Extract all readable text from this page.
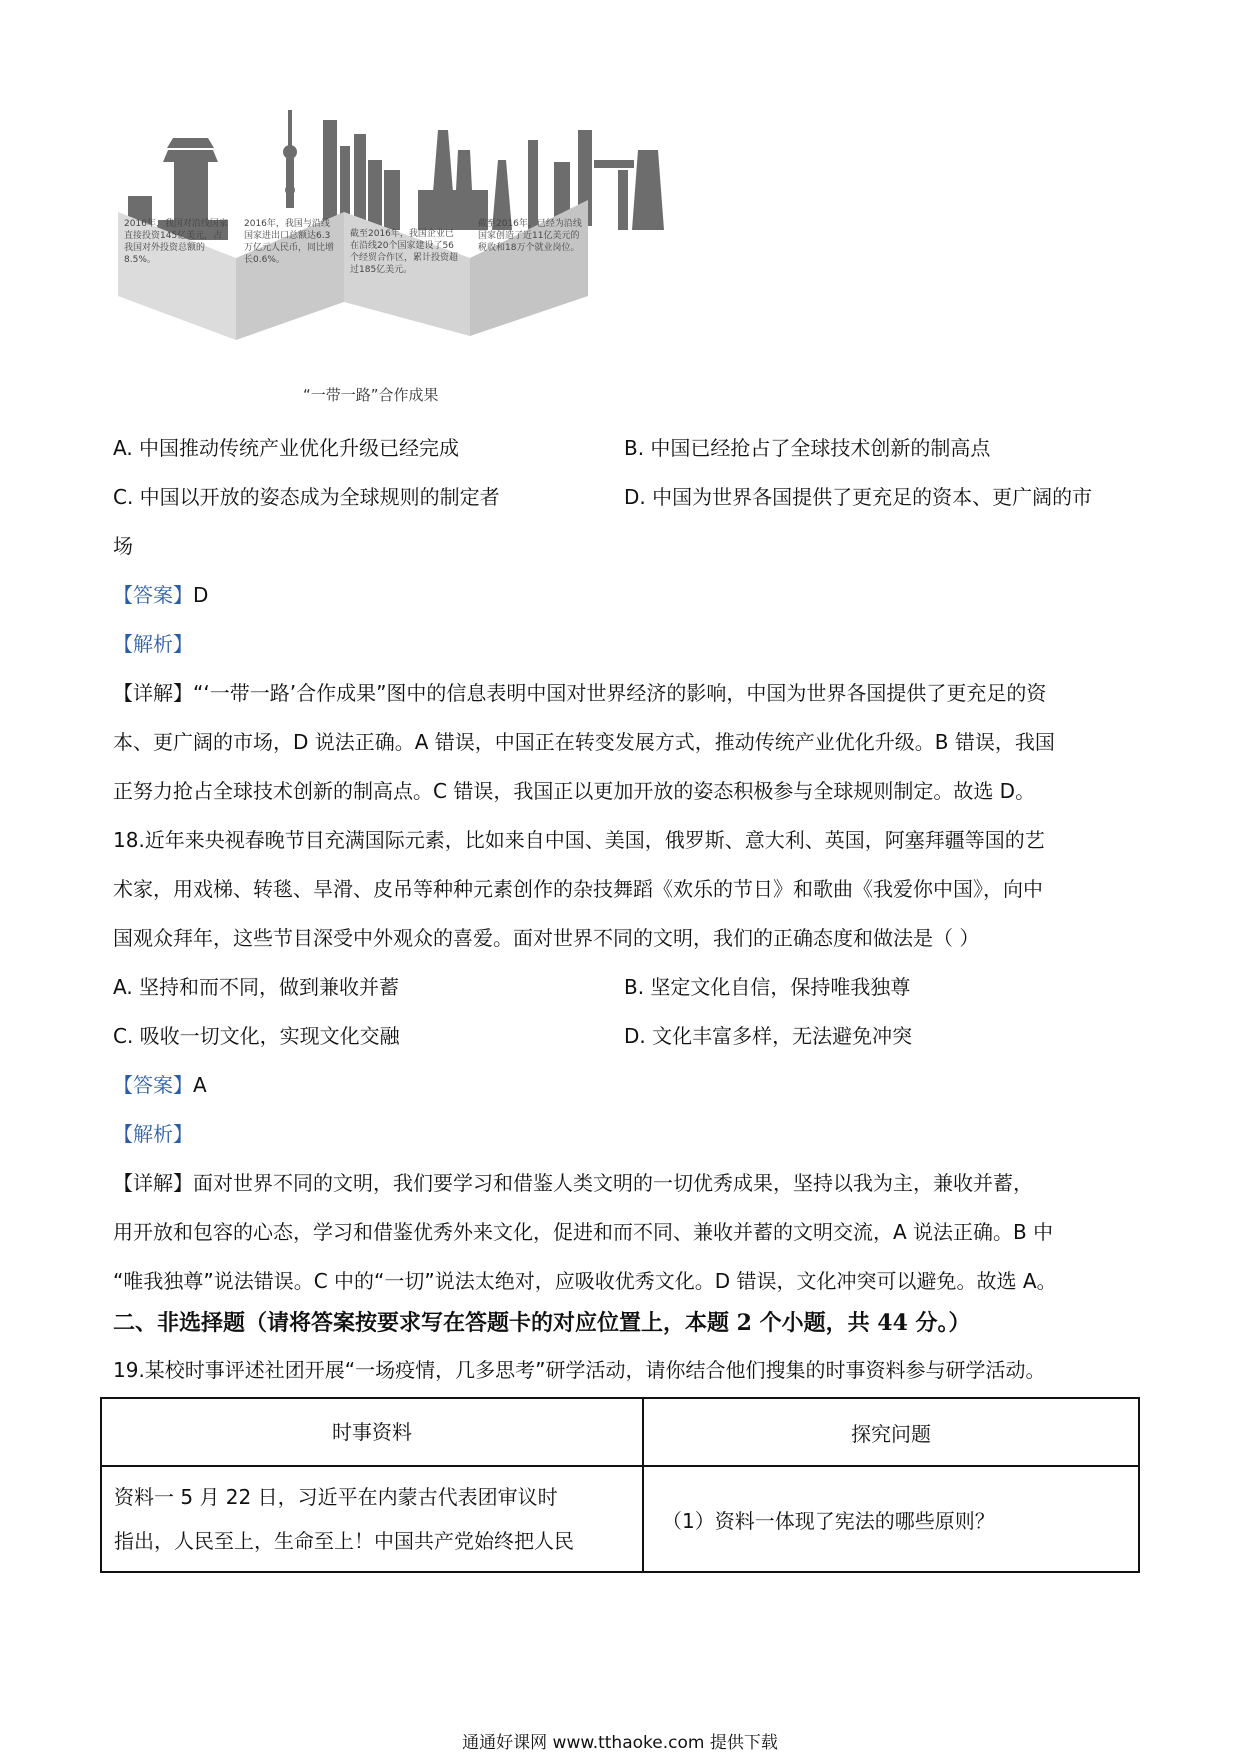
2016年，我国对沿线国家直接投资145亿美元，占我国对外投资总额的8.5%。
2016年，我国与沿线国家进出口总额达6.3万亿元人民币，同比增长0.6%。
截至2016年，我国企业已在沿线20个国家建设了56个经贸合作区，累计投资超过185亿美元。
截至2016年，已经为沿线国家创造了近11亿美元的税收和18万个就业岗位。
“一带一路”合作成果
A. 中国推动传统产业优化升级已经完成	B. 中国已经抢占了全球技术创新的制高点
C. 中国以开放的姿态成为全球规则的制定者	D. 中国为世界各国提供了更充足的资本、更广阔的市
场
【答案】D
【解析】
【详解】“‘一带一路’合作成果”图中的信息表明中国对世界经济的影响，中国为世界各国提供了更充足的资
本、更广阔的市场，D 说法正确。A 错误，中国正在转变发展方式，推动传统产业优化升级。B 错误，我国
正努力抢占全球技术创新的制高点。C 错误，我国正以更加开放的姿态积极参与全球规则制定。故选 D。
18.近年来央视春晚节目充满国际元素，比如来自中国、美国，俄罗斯、意大利、英国，阿塞拜疆等国的艺
术家，用戏梯、转毯、旱滑、皮吊等种种元素创作的杂技舞蹈《欢乐的节日》和歌曲《我爱你中国》，向中
国观众拜年，这些节目深受中外观众的喜爱。面对世界不同的文明，我们的正确态度和做法是（ ）
A. 坚持和而不同，做到兼收并蓄	B. 坚定文化自信，保持唯我独尊
C. 吸收一切文化，实现文化交融	D. 文化丰富多样，无法避免冲突
【答案】A
【解析】
【详解】面对世界不同的文明，我们要学习和借鉴人类文明的一切优秀成果，坚持以我为主，兼收并蓄，
用开放和包容的心态，学习和借鉴优秀外来文化，促进和而不同、兼收并蓄的文明交流，A 说法正确。B 中
“唯我独尊”说法错误。C 中的“一切”说法太绝对，应吸收优秀文化。D 错误，文化冲突可以避免。故选 A。
二、非选择题（请将答案按要求写在答题卡的对应位置上，本题 2 个小题，共 44 分。）
19.某校时事评述社团开展“一场疫情，几多思考”研学活动，请你结合他们搜集的时事资料参与研学活动。
时事资料	探究问题

资料一 5 月 22 日，习近平在内蒙古代表团审议时
指出，人民至上，生命至上！中国共产党始终把人民	（1）资料一体现了宪法的哪些原则？
通通好课网 www.tthaoke.com 提供下载
